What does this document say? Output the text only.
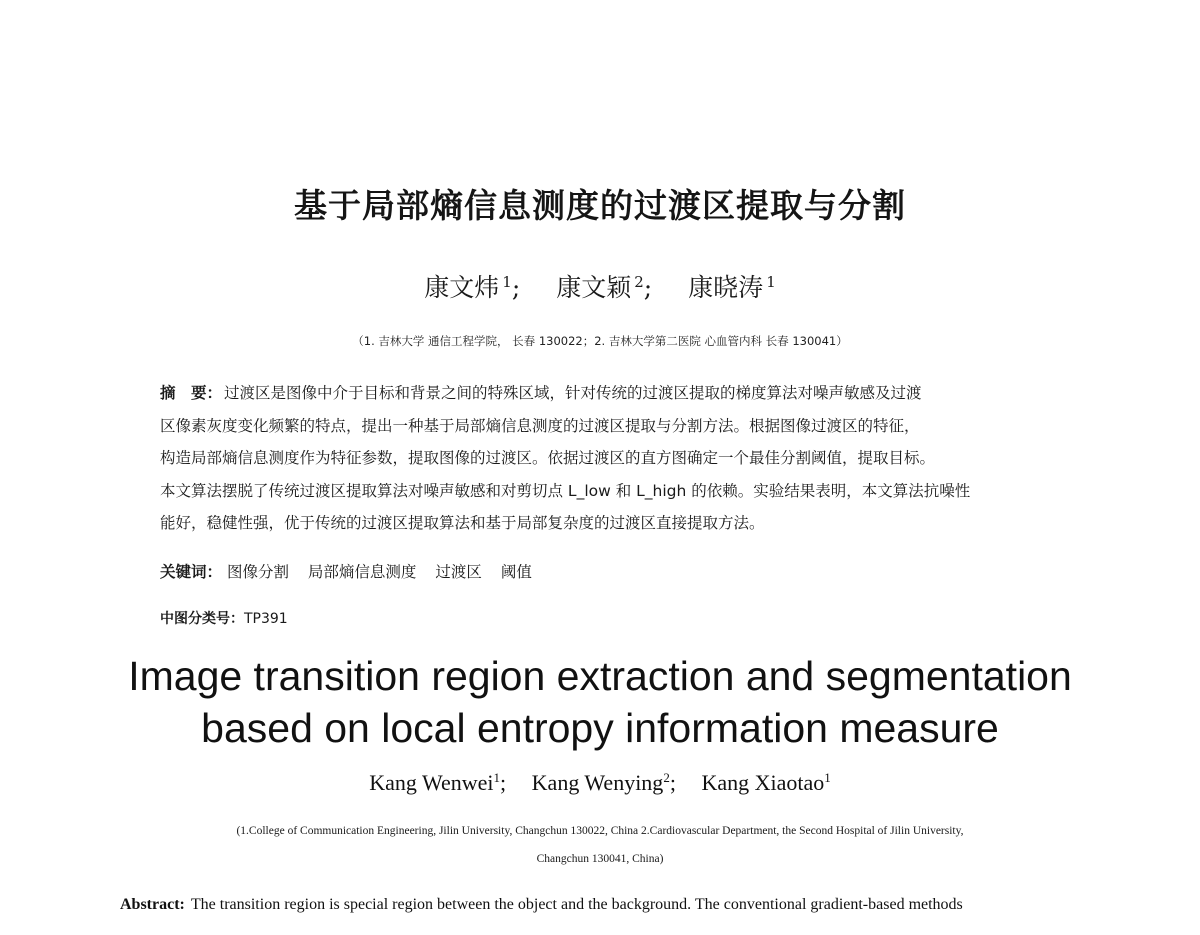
基于局部熵信息测度的过渡区提取与分割
康文炜 $^1$; 康文颖 $^2$; 康晓涛 $^1$
（1. 吉林大学 通信工程学院， 长春 130022；2. 吉林大学第二医院 心血管内科 长春 130041）
摘　要： 过渡区是图像中介于目标和背景之间的特殊区域，针对传统的过渡区提取的梯度算法对噪声敏感及过渡
区像素灰度变化频繁的特点，提出一种基于局部熵信息测度的过渡区提取与分割方法。根据图像过渡区的特征，
构造局部熵信息测度作为特征参数，提取图像的过渡区。依据过渡区的直方图确定一个最佳分割阈值，提取目标。
本文算法摆脱了传统过渡区提取算法对噪声敏感和对剪切点 L_low 和 L_high 的依赖。实验结果表明，本文算法抗噪性
能好，稳健性强，优于传统的过渡区提取算法和基于局部复杂度的过渡区直接提取方法。
关键词： 图像分割 局部熵信息测度 过渡区 阈值
中图分类号：TP391
Image transition region extraction and segmentation
based on local entropy information measure
Kang Wenwei$^1$; Kang Wenying$^2$; Kang Xiaotao$^1$
(1.College of Communication Engineering, Jilin University, Changchun 130022, China 2.Cardiovascular Department, the Second Hospital of Jilin University,
Changchun 130041, China)
Abstract: The transition region is special region between the object and the background. The conventional gradient-based methods
